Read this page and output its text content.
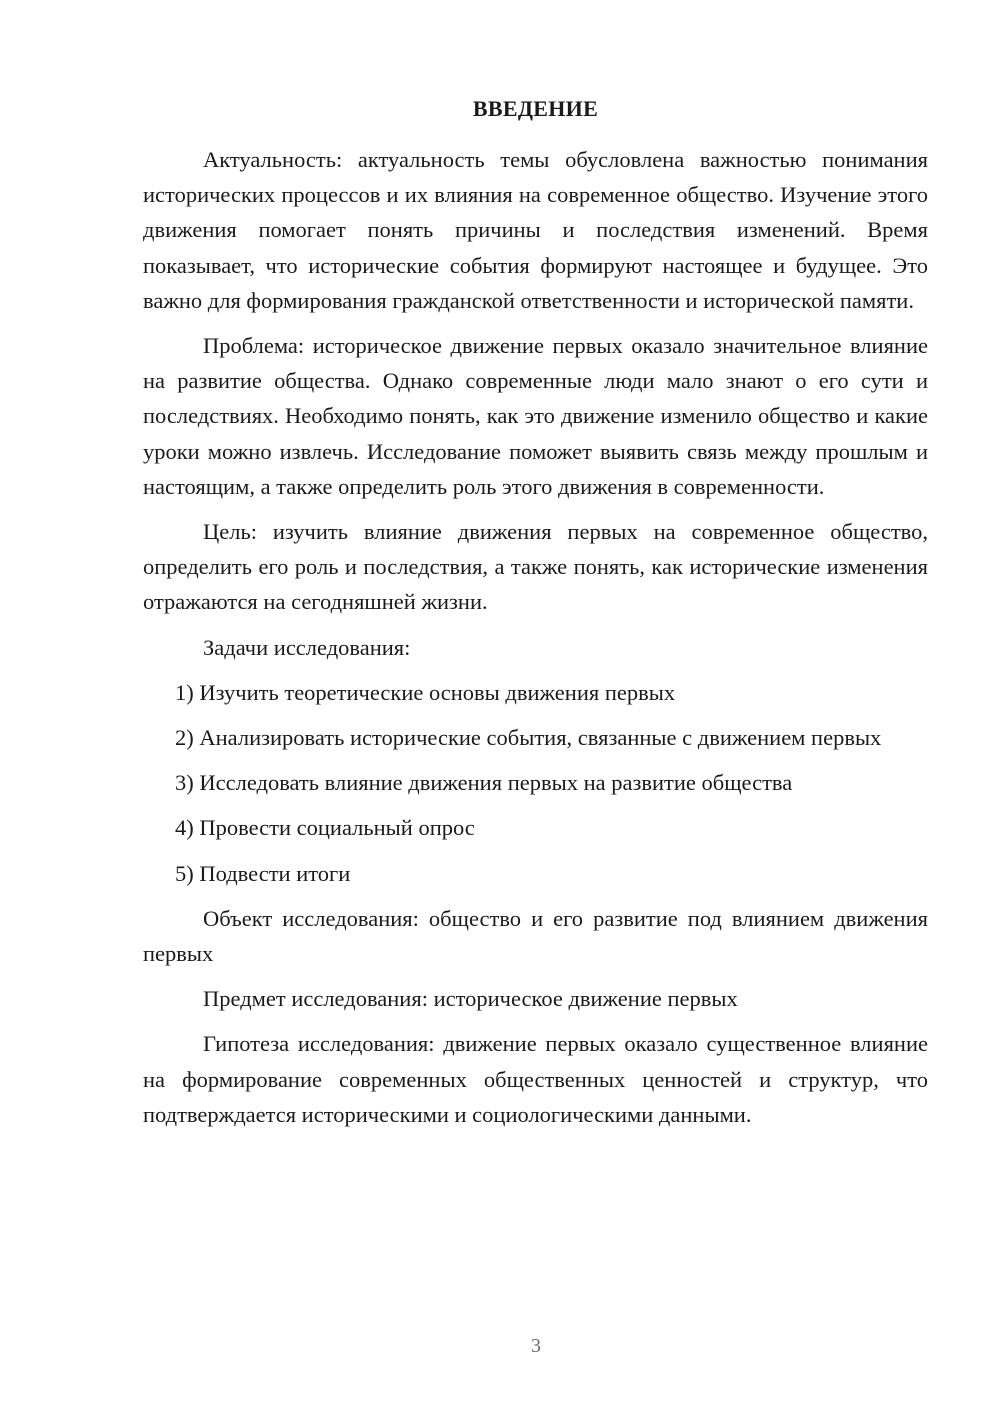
ВВЕДЕНИЕ

Актуальность: актуальность темы обусловлена важностью понимания исторических процессов и их влияния на современное общество. Изучение этого движения помогает понять причины и последствия изменений. Время показывает, что исторические события формируют настоящее и будущее. Это важно для формирования гражданской ответственности и исторической памяти.

Проблема: историческое движение первых оказало значительное влияние на развитие общества. Однако современные люди мало знают о его сути и последствиях. Необходимо понять, как это движение изменило общество и какие уроки можно извлечь. Исследование поможет выявить связь между прошлым и настоящим, а также определить роль этого движения в современности.

Цель: изучить влияние движения первых на современное общество, определить его роль и последствия, а также понять, как исторические изменения отражаются на сегодняшней жизни.

Задачи исследования:

1) Изучить теоретические основы движения первых

2) Анализировать исторические события, связанные с движением первых

3) Исследовать влияние движения первых на развитие общества

4) Провести социальный опрос

5) Подвести итоги

Объект исследования: общество и его развитие под влиянием движения первых

Предмет исследования: историческое движение первых

Гипотеза исследования: движение первых оказало существенное влияние на формирование современных общественных ценностей и структур, что подтверждается историческими и социологическими данными.

3
